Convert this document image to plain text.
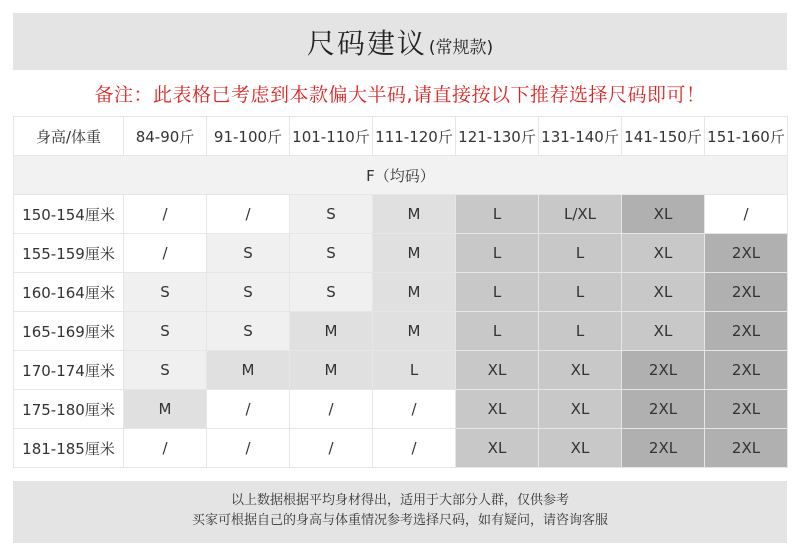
尺码建议 (常规款)
备注：此表格已考虑到本款偏大半码,请直接按以下推荐选择尺码即可！
身高/体重	84-90斤	91-100斤	101-110斤	111-120斤	121-130斤	131-140斤	141-150斤	151-160斤
F（均码）								
150-154厘米	/	/	S	M	L	L/XL	XL	/
155-159厘米	/	S	S	M	L	L	XL	2XL
160-164厘米	S	S	S	M	L	L	XL	2XL
165-169厘米	S	S	M	M	L	L	XL	2XL
170-174厘米	S	M	M	L	XL	XL	2XL	2XL
175-180厘米	M	/	/	/	XL	XL	2XL	2XL
181-185厘米	/	/	/	/	XL	XL	2XL	2XL
以上数据根据平均身材得出，适用于大部分人群，仅供参考
买家可根据自己的身高与体重情况参考选择尺码，如有疑问，请咨询客服
